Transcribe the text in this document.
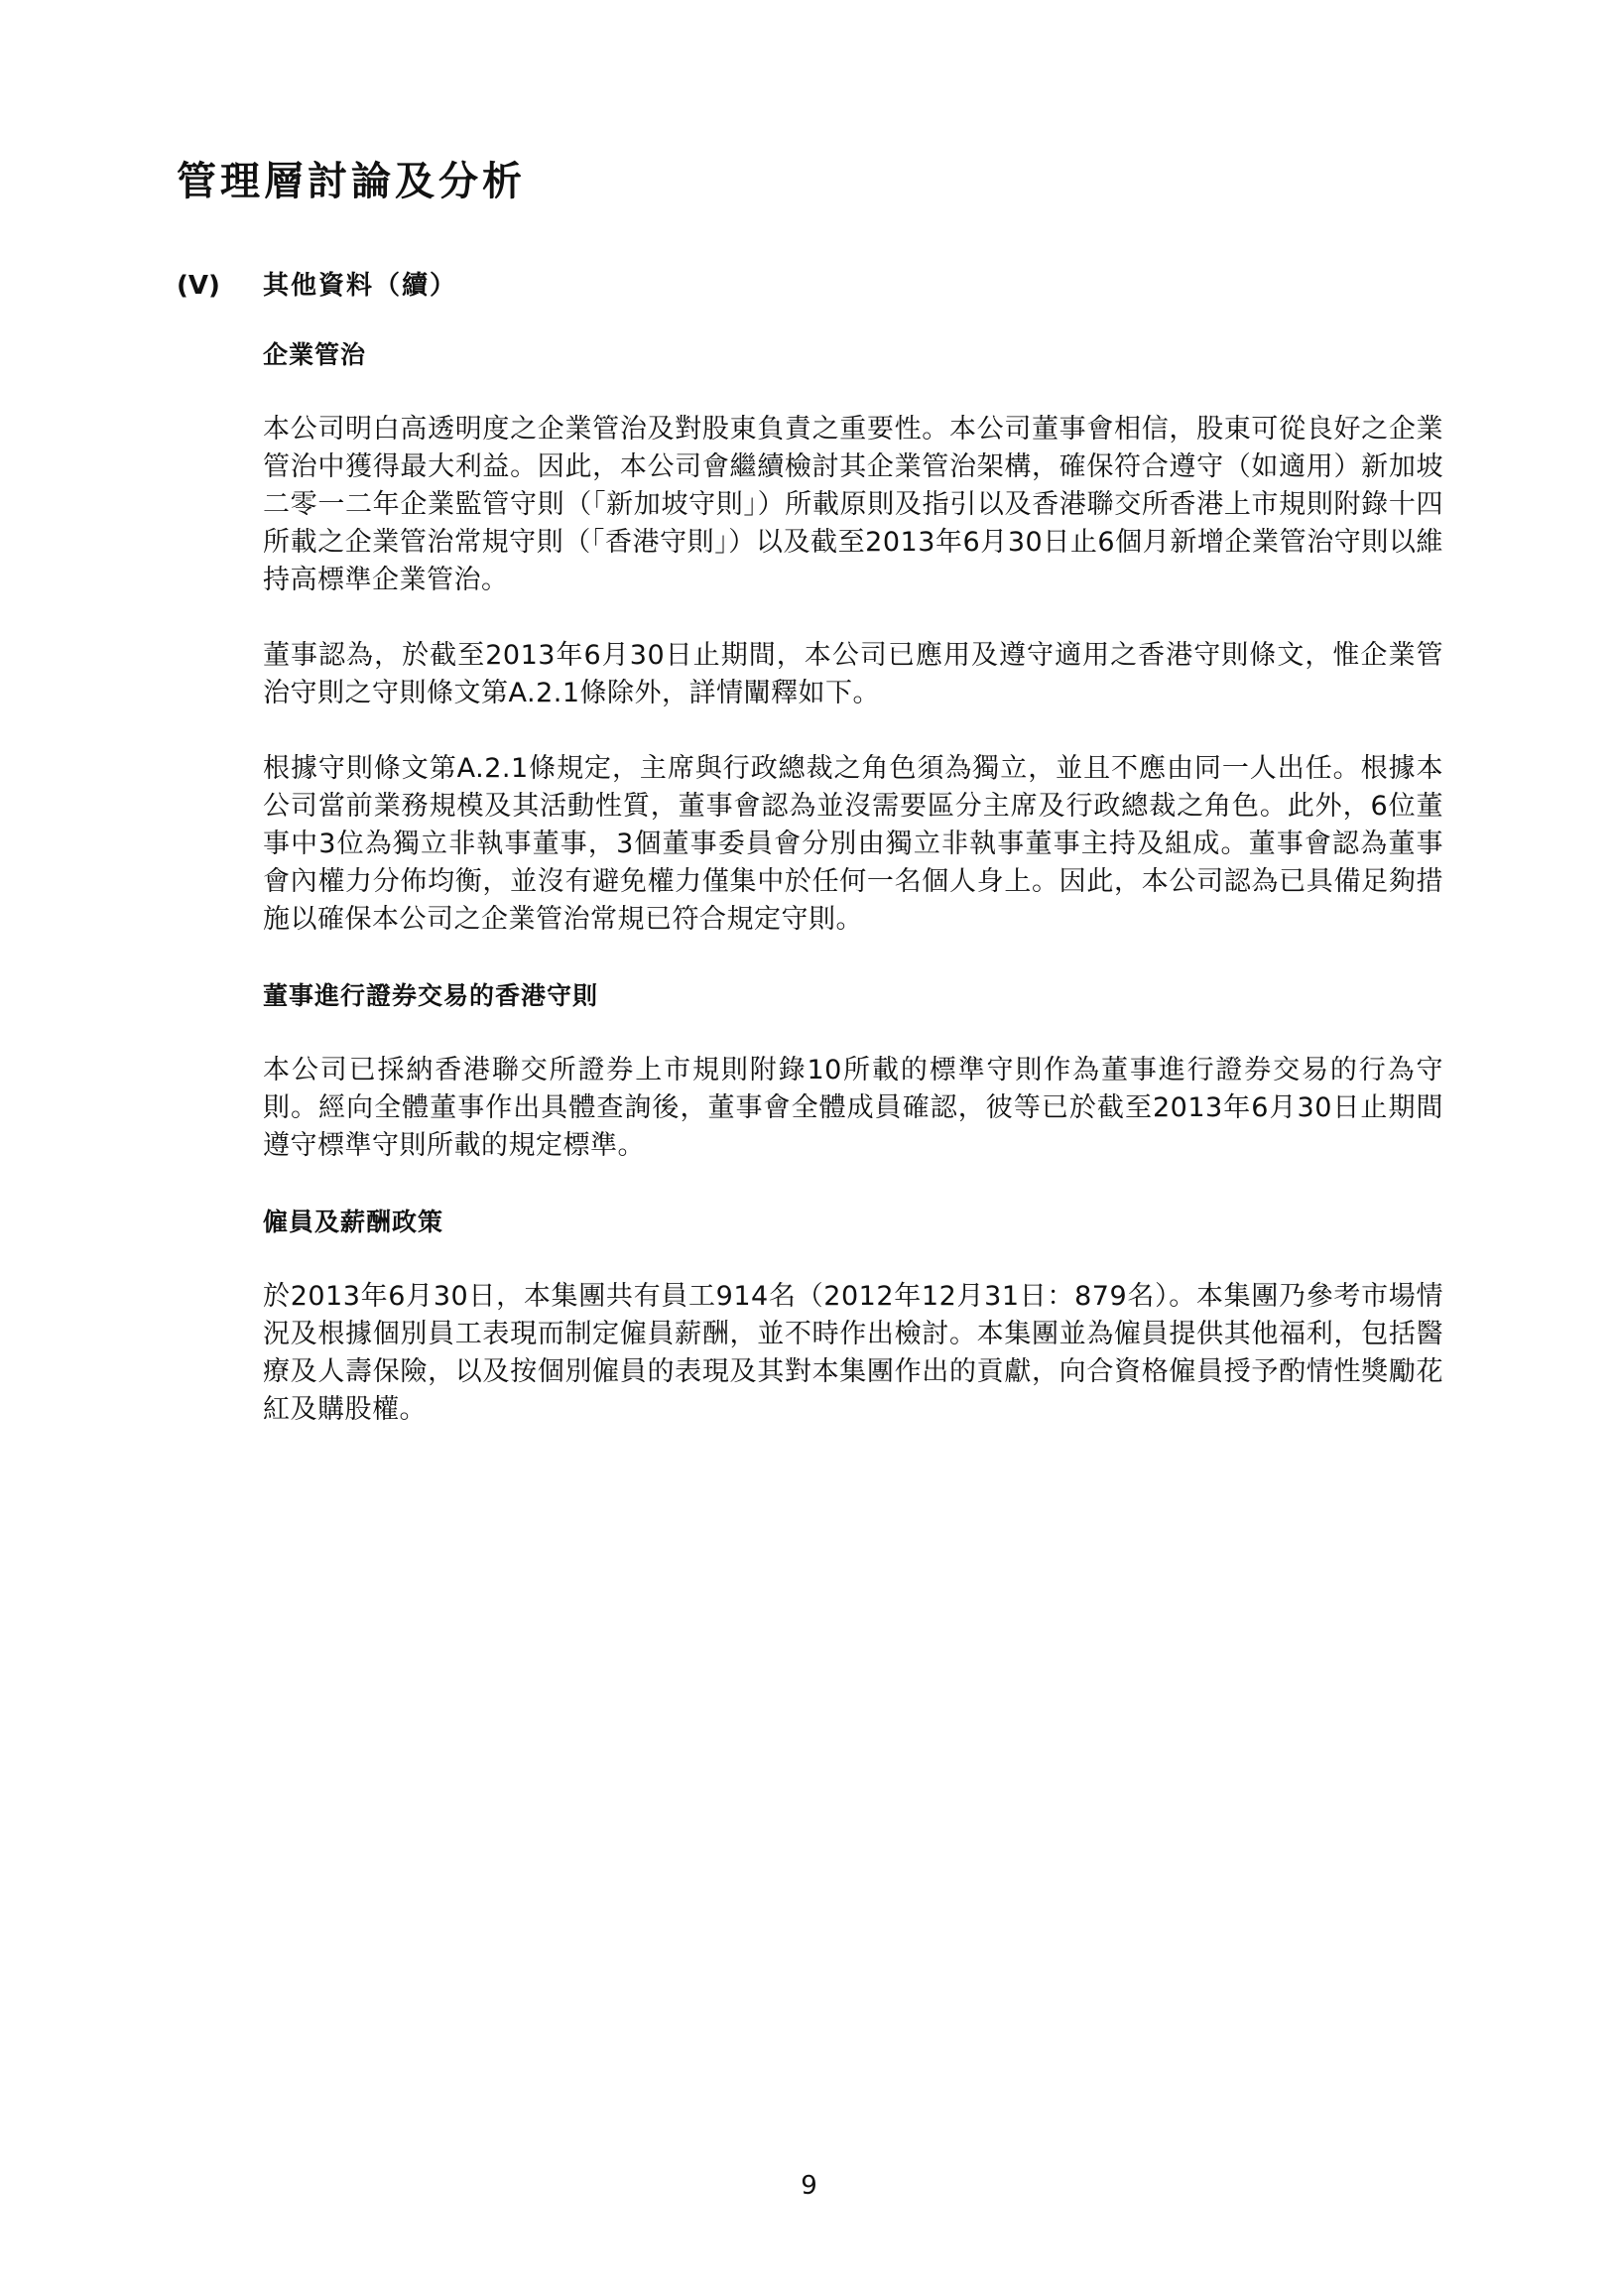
管理層討論及分析
(V) 其他資料（續）
企業管治

本公司明白高透明度之企業管治及對股東負責之重要性。本公司董事會相信，股東可從良好之企業管治中獲得最大利益。因此，本公司會繼續檢討其企業管治架構，確保符合遵守（如適用）新加坡二零一二年企業監管守則（「新加坡守則」）所載原則及指引以及香港聯交所香港上市規則附錄十四所載之企業管治常規守則（「香港守則」）以及截至2013年6月30日止6個月新增企業管治守則以維持高標準企業管治。

董事認為，於截至2013年6月30日止期間，本公司已應用及遵守適用之香港守則條文，惟企業管治守則之守則條文第A.2.1條除外，詳情闡釋如下。

根據守則條文第A.2.1條規定，主席與行政總裁之角色須為獨立，並且不應由同一人出任。根據本公司當前業務規模及其活動性質，董事會認為並沒需要區分主席及行政總裁之角色。此外，6位董事中3位為獨立非執事董事，3個董事委員會分別由獨立非執事董事主持及組成。董事會認為董事會內權力分佈均衡，並沒有避免權力僅集中於任何一名個人身上。因此，本公司認為已具備足夠措施以確保本公司之企業管治常規已符合規定守則。

董事進行證券交易的香港守則

本公司已採納香港聯交所證券上市規則附錄10所載的標準守則作為董事進行證券交易的行為守則。經向全體董事作出具體查詢後，董事會全體成員確認，彼等已於截至2013年6月30日止期間遵守標準守則所載的規定標準。

僱員及薪酬政策

於2013年6月30日，本集團共有員工914名（2012年12月31日：879名）。本集團乃參考市場情況及根據個別員工表現而制定僱員薪酬，並不時作出檢討。本集團並為僱員提供其他福利，包括醫療及人壽保險，以及按個別僱員的表現及其對本集團作出的貢獻，向合資格僱員授予酌情性獎勵花紅及購股權。

9
